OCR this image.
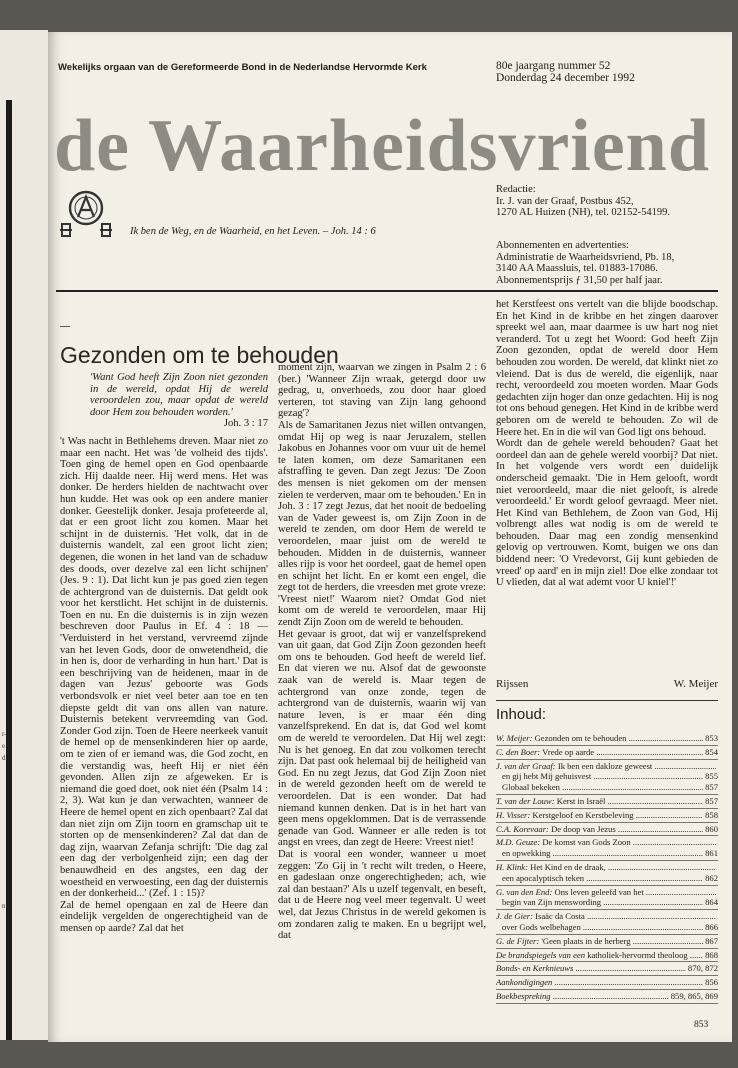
r-
e
d.
n:
Wekelijks orgaan van de Gereformeerde Bond in de Nederlandse Hervormde Kerk	80e jaargang nummer 52
Donderdag 24 december 1992
de Waarheidsvriend
Ik ben de Weg, en de Waarheid, en het Leven. – Joh. 14 : 6

Redactie:

Ir. J. van der Graaf, Postbus 452,

1270 AL Huizen (NH), tel. 02152-54199.

Abonnementen en advertenties:

Administratie de Waarheidsvriend, Pb. 18,

3140 AA Maassluis, tel. 01883-17086.

Abonnementsprijs ƒ 31,50 per half jaar.

Gezonden om te behouden

'Want God heeft Zijn Zoon niet gezonden in de wereld, opdat Hij de wereld veroordelen zou, maar opdat de wereld door Hem zou behouden worden.'

Joh. 3 : 17

't Was nacht in Bethlehems dreven. Maar niet zo maar een nacht. Het was 'de volheid des tijds'. Toen ging de hemel open en God openbaarde zich. Hij daalde neer. Hij werd mens. Het was donker. De herders hielden de nachtwacht over hun kudde. Het was ook op een andere manier donker. Geestelijk donker. Jesaja profeteerde al, dat er een groot licht zou komen. Maar het schijnt in de duisternis. 'Het volk, dat in de duisternis wandelt, zal een groot licht zien; degenen, die wonen in het land van de schaduw des doods, over dezelve zal een licht schijnen' (Jes. 9 : 1). Dat licht kun je pas goed zien tegen de achtergrond van de duisternis. Dat geldt ook voor het kerstlicht. Het schijnt in de duisternis. Toen en nu. En die duisternis is in zijn wezen beschreven door Paulus in Ef. 4 : 18 — 'Verduisterd in het verstand, vervreemd zijnde van het leven Gods, door de onwetendheid, die in hen is, door de verharding in hun hart.' Dat is een beschrijving van de heidenen, maar in de dagen van Jezus' geboorte was Gods verbondsvolk er niet veel beter aan toe en ten diepste geldt dit van ons allen van nature. Duisternis betekent vervreemding van God. Zonder God zijn. Toen de Heere neerkeek vanuit de hemel op de mensenkinderen hier op aarde, om te zien of er iemand was, die God zocht, en die verstandig was, heeft Hij er niet één gevonden. Allen zijn ze afgeweken. Er is niemand die goed doet, ook niet één (Psalm 14 : 2, 3). Wat kun je dan verwachten, wanneer de Heere de hemel opent en zich openbaart? Zal dat dan niet zijn om Zijn toorn en gramschap uit te storten op de mensenkinderen? Zal dat dan de dag zijn, waarvan Zefanja schrijft: 'Die dag zal een dag der verbolgenheid zijn; een dag der benauwdheid en des angstes, een dag der woestheid en verwoesting, een dag der duisternis en der donkerheid...' (Zef. 1 : 15)?

Zal de hemel opengaan en zal de Heere dan eindelijk vergelden de ongerechtigheid van de mensen op aarde? Zal dat het

moment zijn, waarvan we zingen in Psalm 2 : 6 (ber.) 'Wanneer Zijn wraak, getergd door uw gedrag, u, onverhoeds, zou door haar gloed verteren, tot staving van Zijn lang gehoond gezag'?

Als de Samaritanen Jezus niet willen ontvangen, omdat Hij op weg is naar Jeruzalem, stellen Jakobus en Johannes voor om vuur uit de hemel te laten komen, om deze Samaritanen een afstraffing te geven. Dan zegt Jezus: 'De Zoon des mensen is niet gekomen om der mensen zielen te verderven, maar om te behouden.' En in Joh. 3 : 17 zegt Jezus, dat het nooit de bedoeling van de Vader geweest is, om Zijn Zoon in de wereld te zenden, om door Hem de wereld te veroordelen, maar juist om de wereld te behouden. Midden in de duisternis, wanneer alles rijp is voor het oordeel, gaat de hemel open en schijnt het licht. En er komt een engel, die zegt tot de herders, die vreesden met grote vreze: 'Vreest niet!' Waarom niet? Omdat God niet komt om de wereld te veroordelen, maar Hij zendt Zijn Zoon om de wereld te behouden.

Het gevaar is groot, dat wij er vanzelfsprekend van uit gaan, dat God Zijn Zoon gezonden heeft om ons te behouden. God heeft de wereld lief. En dat vieren we nu. Alsof dat de gewoonste zaak van de wereld is. Maar tegen de achtergrond van onze zonde, tegen de achtergrond van de duisternis, waarin wij van nature leven, is er maar één ding vanzelfsprekend. En dat is, dat God wel komt om de wereld te veroordelen. Dat Hij wel zegt: Nu is het genoeg. En dat zou volkomen terecht zijn. Dat past ook helemaal bij de heiligheid van God. En nu zegt Jezus, dat God Zijn Zoon niet in de wereld gezonden heeft om de wereld te veroordelen. Dat is een wonder. Dat had niemand kunnen denken. Dat is in het hart van geen mens opgeklommen. Dat is de verrassende genade van God. Wanneer er alle reden is tot angst en vrees, dan zegt de Heere: Vreest niet!

Dat is vooral een wonder, wanneer u moet zeggen: 'Zo Gij in 't recht wilt treden, o Heere, en gadeslaan onze ongerechtigheden; ach, wie zal dan bestaan?' Als u uzelf tegenvalt, en beseft, dat u de Heere nog veel meer tegenvalt. U weet wel, dat Jezus Christus in de wereld gekomen is om zondaren zalig te maken. En u begrijpt wel, dat

het Kerstfeest ons vertelt van die blijde boodschap. En het Kind in de kribbe en het zingen daarover spreekt wel aan, maar daarmee is uw hart nog niet veranderd. Tot u zegt het Woord: God heeft Zijn Zoon gezonden, opdat de wereld door Hem behouden zou worden. De wereld, dat klinkt niet zo vleiend. Dat is dus de wereld, die eigenlijk, naar recht, veroordeeld zou moeten worden. Maar Gods gedachten zijn hoger dan onze gedachten. Hij is nog tot ons behoud genegen. Het Kind in de kribbe werd geboren om de wereld te behouden. Zo wil de Heere het. En in die wil van God ligt ons behoud.

Wordt dan de gehele wereld behouden? Gaat het oordeel dan aan de gehele wereld voorbij? Dat niet. In het volgende vers wordt een duidelijk onderscheid gemaakt. 'Die in Hem gelooft, wordt niet veroordeeld, maar die niet gelooft, is alrede veroordeeld.' Er wordt geloof gevraagd. Meer niet. Het Kind van Bethlehem, de Zoon van God, Hij volbrengt alles wat nodig is om de wereld te behouden. Daar mag een zondig mensenkind gelovig op vertrouwen. Komt, buigen we ons dan biddend neer: 'O Vredevorst, Gij kunt gebieden de vreed' op aard' en in mijn ziel! Doe elke zondaar tot U vlieden, dat al wat ademt voor U kniel'!'

Rijssen	W. Meijer
Inhoud:
W. Meijer: Gezonden om te behouden .....	853
C. den Boer: Vrede op aarde .....	854
J. van der Graaf: Ik ben een dakloze geweest .....
en gij hebt Mij gehuisvest .....	855
Globaal bekeken .....	857
T. van der Louw: Kerst in Israël .....	857
H. Visser: Kerstgeloof en Kerstbeleving .....	858
C.A. Korevaar: De doop van Jezus .....	860
M.D. Geuze: De komst van Gods Zoon .....
en opwekking .....	861
H. Klink: Het Kind en de draak, .....
een apocalyptisch teken .....	862
G. van den End: Ons leven geleefd van het .....
begin van Zijn menswording .....	864
J. de Gier: Isaäc da Costa .....
over Gods welbehagen .....	866
G. de Fijter: 'Geen plaats in de herberg .....	867
De brandspiegels van een katholiek-hervormd theoloog .....	868
Bonds- en Kerknieuws .....	870, 872
Aankondigingen .....	856
Boekbespreking .....	859, 865, 869
853
